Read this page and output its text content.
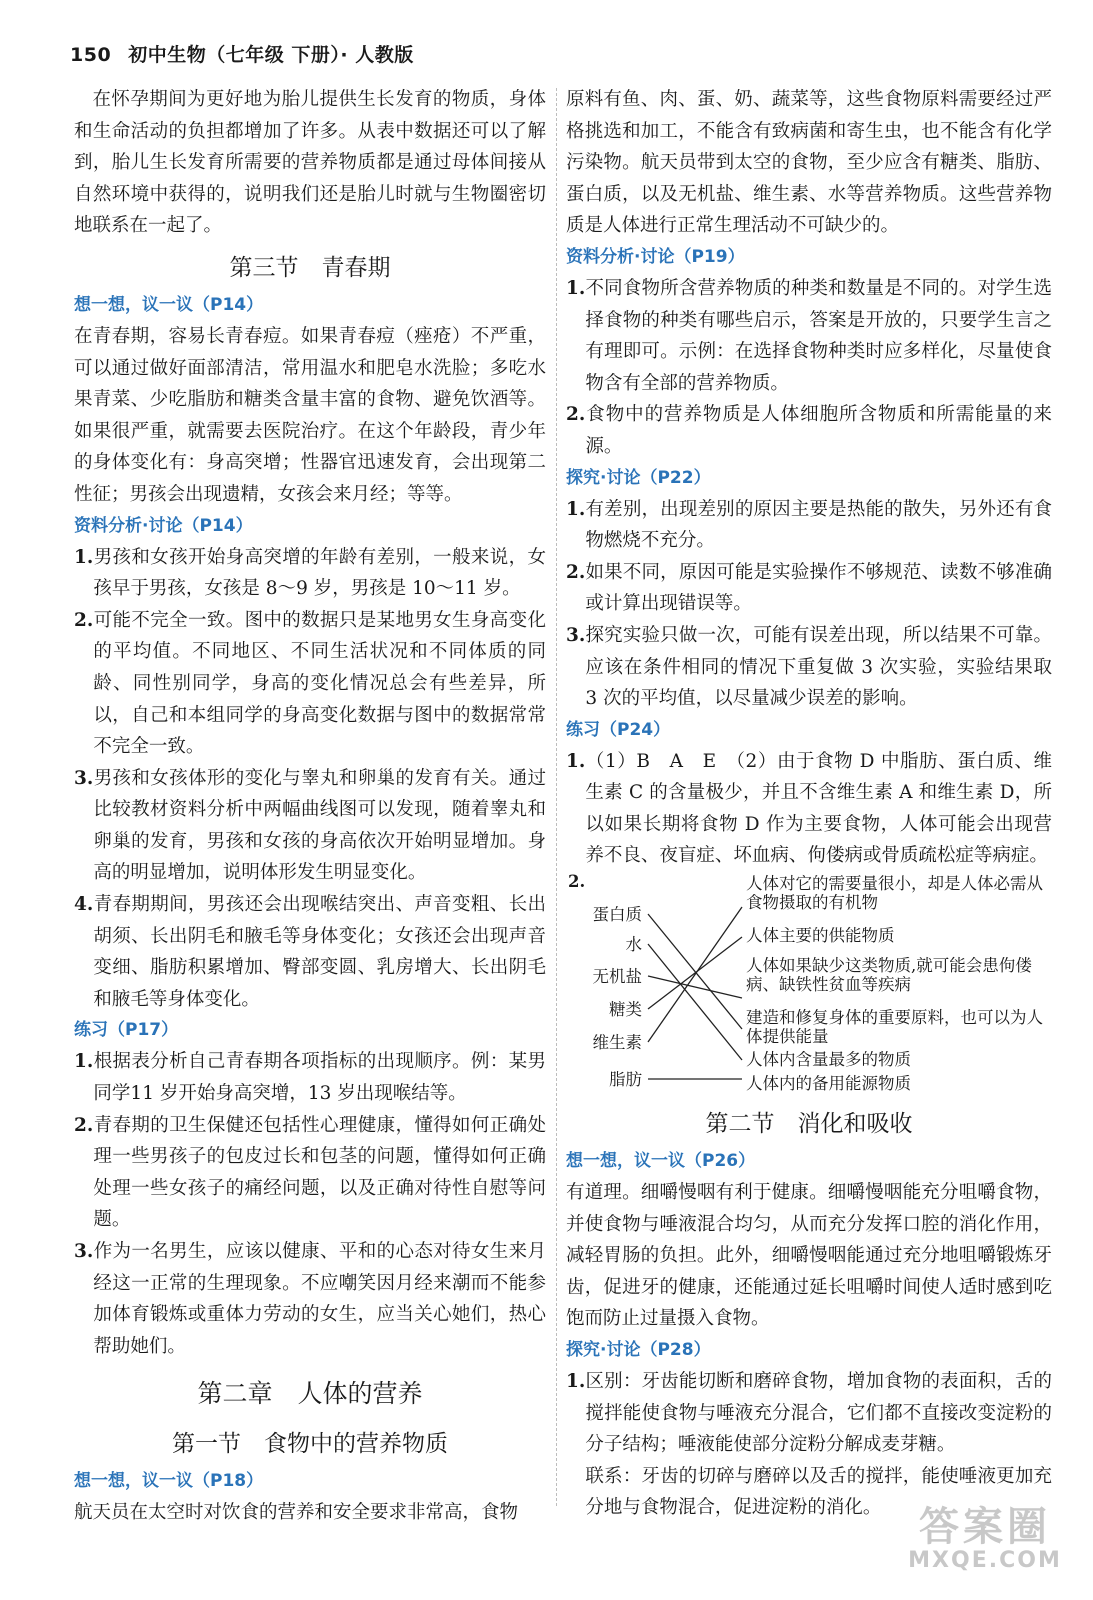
150 初中生物（七年级 下册）· 人教版

在怀孕期间为更好地为胎儿提供生长发育的物质，身体和生命活动的负担都增加了许多。从表中数据还可以了解到，胎儿生长发育所需要的营养物质都是通过母体间接从自然环境中获得的，说明我们还是胎儿时就与生物圈密切地联系在一起了。

第三节　青春期
想一想，议一议（P14）

在青春期，容易长青春痘。如果青春痘（痤疮）不严重，可以通过做好面部清洁，常用温水和肥皂水洗脸；多吃水果青菜、少吃脂肪和糖类含量丰富的食物、避免饮酒等。如果很严重，就需要去医院治疗。在这个年龄段，青少年的身体变化有：身高突增；性器官迅速发育，会出现第二性征；男孩会出现遗精，女孩会来月经；等等。

资料分析·讨论（P14）

1.男孩和女孩开始身高突增的年龄有差别，一般来说，女孩早于男孩，女孩是 8～9 岁，男孩是 10～11 岁。

2.可能不完全一致。图中的数据只是某地男女生身高变化的平均值。不同地区、不同生活状况和不同体质的同龄、同性别同学，身高的变化情况总会有些差异，所以，自己和本组同学的身高变化数据与图中的数据常常不完全一致。

3.男孩和女孩体形的变化与睾丸和卵巢的发育有关。通过比较教材资料分析中两幅曲线图可以发现，随着睾丸和卵巢的发育，男孩和女孩的身高依次开始明显增加。身高的明显增加，说明体形发生明显变化。

4.青春期期间，男孩还会出现喉结突出、声音变粗、长出胡须、长出阴毛和腋毛等身体变化；女孩还会出现声音变细、脂肪积累增加、臀部变圆、乳房增大、长出阴毛和腋毛等身体变化。

练习（P17）

1.根据表分析自己青春期各项指标的出现顺序。例：某男同学11 岁开始身高突增，13 岁出现喉结等。

2.青春期的卫生保健还包括性心理健康，懂得如何正确处理一些男孩子的包皮过长和包茎的问题，懂得如何正确处理一些女孩子的痛经问题，以及正确对待性自慰等问题。

3.作为一名男生，应该以健康、平和的心态对待女生来月经这一正常的生理现象。不应嘲笑因月经来潮而不能参加体育锻炼或重体力劳动的女生，应当关心她们，热心帮助她们。

第二章　人体的营养
第一节　食物中的营养物质
想一想，议一议（P18）

航天员在太空时对饮食的营养和安全要求非常高，食物

原料有鱼、肉、蛋、奶、蔬菜等，这些食物原料需要经过严格挑选和加工，不能含有致病菌和寄生虫，也不能含有化学污染物。航天员带到太空的食物，至少应含有糖类、脂肪、蛋白质，以及无机盐、维生素、水等营养物质。这些营养物质是人体进行正常生理活动不可缺少的。

资料分析·讨论（P19）

1.不同食物所含营养物质的种类和数量是不同的。对学生选择食物的种类有哪些启示，答案是开放的，只要学生言之有理即可。示例：在选择食物种类时应多样化，尽量使食物含有全部的营养物质。

2.食物中的营养物质是人体细胞所含物质和所需能量的来源。

探究·讨论（P22）

1.有差别，出现差别的原因主要是热能的散失，另外还有食物燃烧不充分。

2.如果不同，原因可能是实验操作不够规范、读数不够准确或计算出现错误等。

3.探究实验只做一次，可能有误差出现，所以结果不可靠。应该在条件相同的情况下重复做 3 次实验，实验结果取 3 次的平均值，以尽量减少误差的影响。

练习（P24）

1.（1）B　A　E　（2）由于食物 D 中脂肪、蛋白质、维生素 C 的含量极少，并且不含维生素 A 和维生素 D，所以如果长期将食物 D 作为主要食物，人体可能会出现营养不良、夜盲症、坏血病、佝偻病或骨质疏松症等病症。

2.
蛋白质
水
无机盐
糖类
维生素
脂肪
人体对它的需要量很小，却是人体必需从食物摄取的有机物
人体主要的供能物质
人体如果缺少这类物质,就可能会患佝偻病、缺铁性贫血等疾病
建造和修复身体的重要原料，也可以为人体提供能量
人体内含量最多的物质
人体内的备用能源物质
第二节　消化和吸收
想一想，议一议（P26）

有道理。细嚼慢咽有利于健康。细嚼慢咽能充分咀嚼食物，并使食物与唾液混合均匀，从而充分发挥口腔的消化作用，减轻胃肠的负担。此外，细嚼慢咽能通过充分地咀嚼锻炼牙齿，促进牙的健康，还能通过延长咀嚼时间使人适时感到吃饱而防止过量摄入食物。

探究·讨论（P28）

1.区别：牙齿能切断和磨碎食物，增加食物的表面积，舌的搅拌能使食物与唾液充分混合，它们都不直接改变淀粉的分子结构；唾液能使部分淀粉分解成麦芽糖。

联系：牙齿的切碎与磨碎以及舌的搅拌，能使唾液更加充分地与食物混合，促进淀粉的消化。 答案圈
MXQE.COM
